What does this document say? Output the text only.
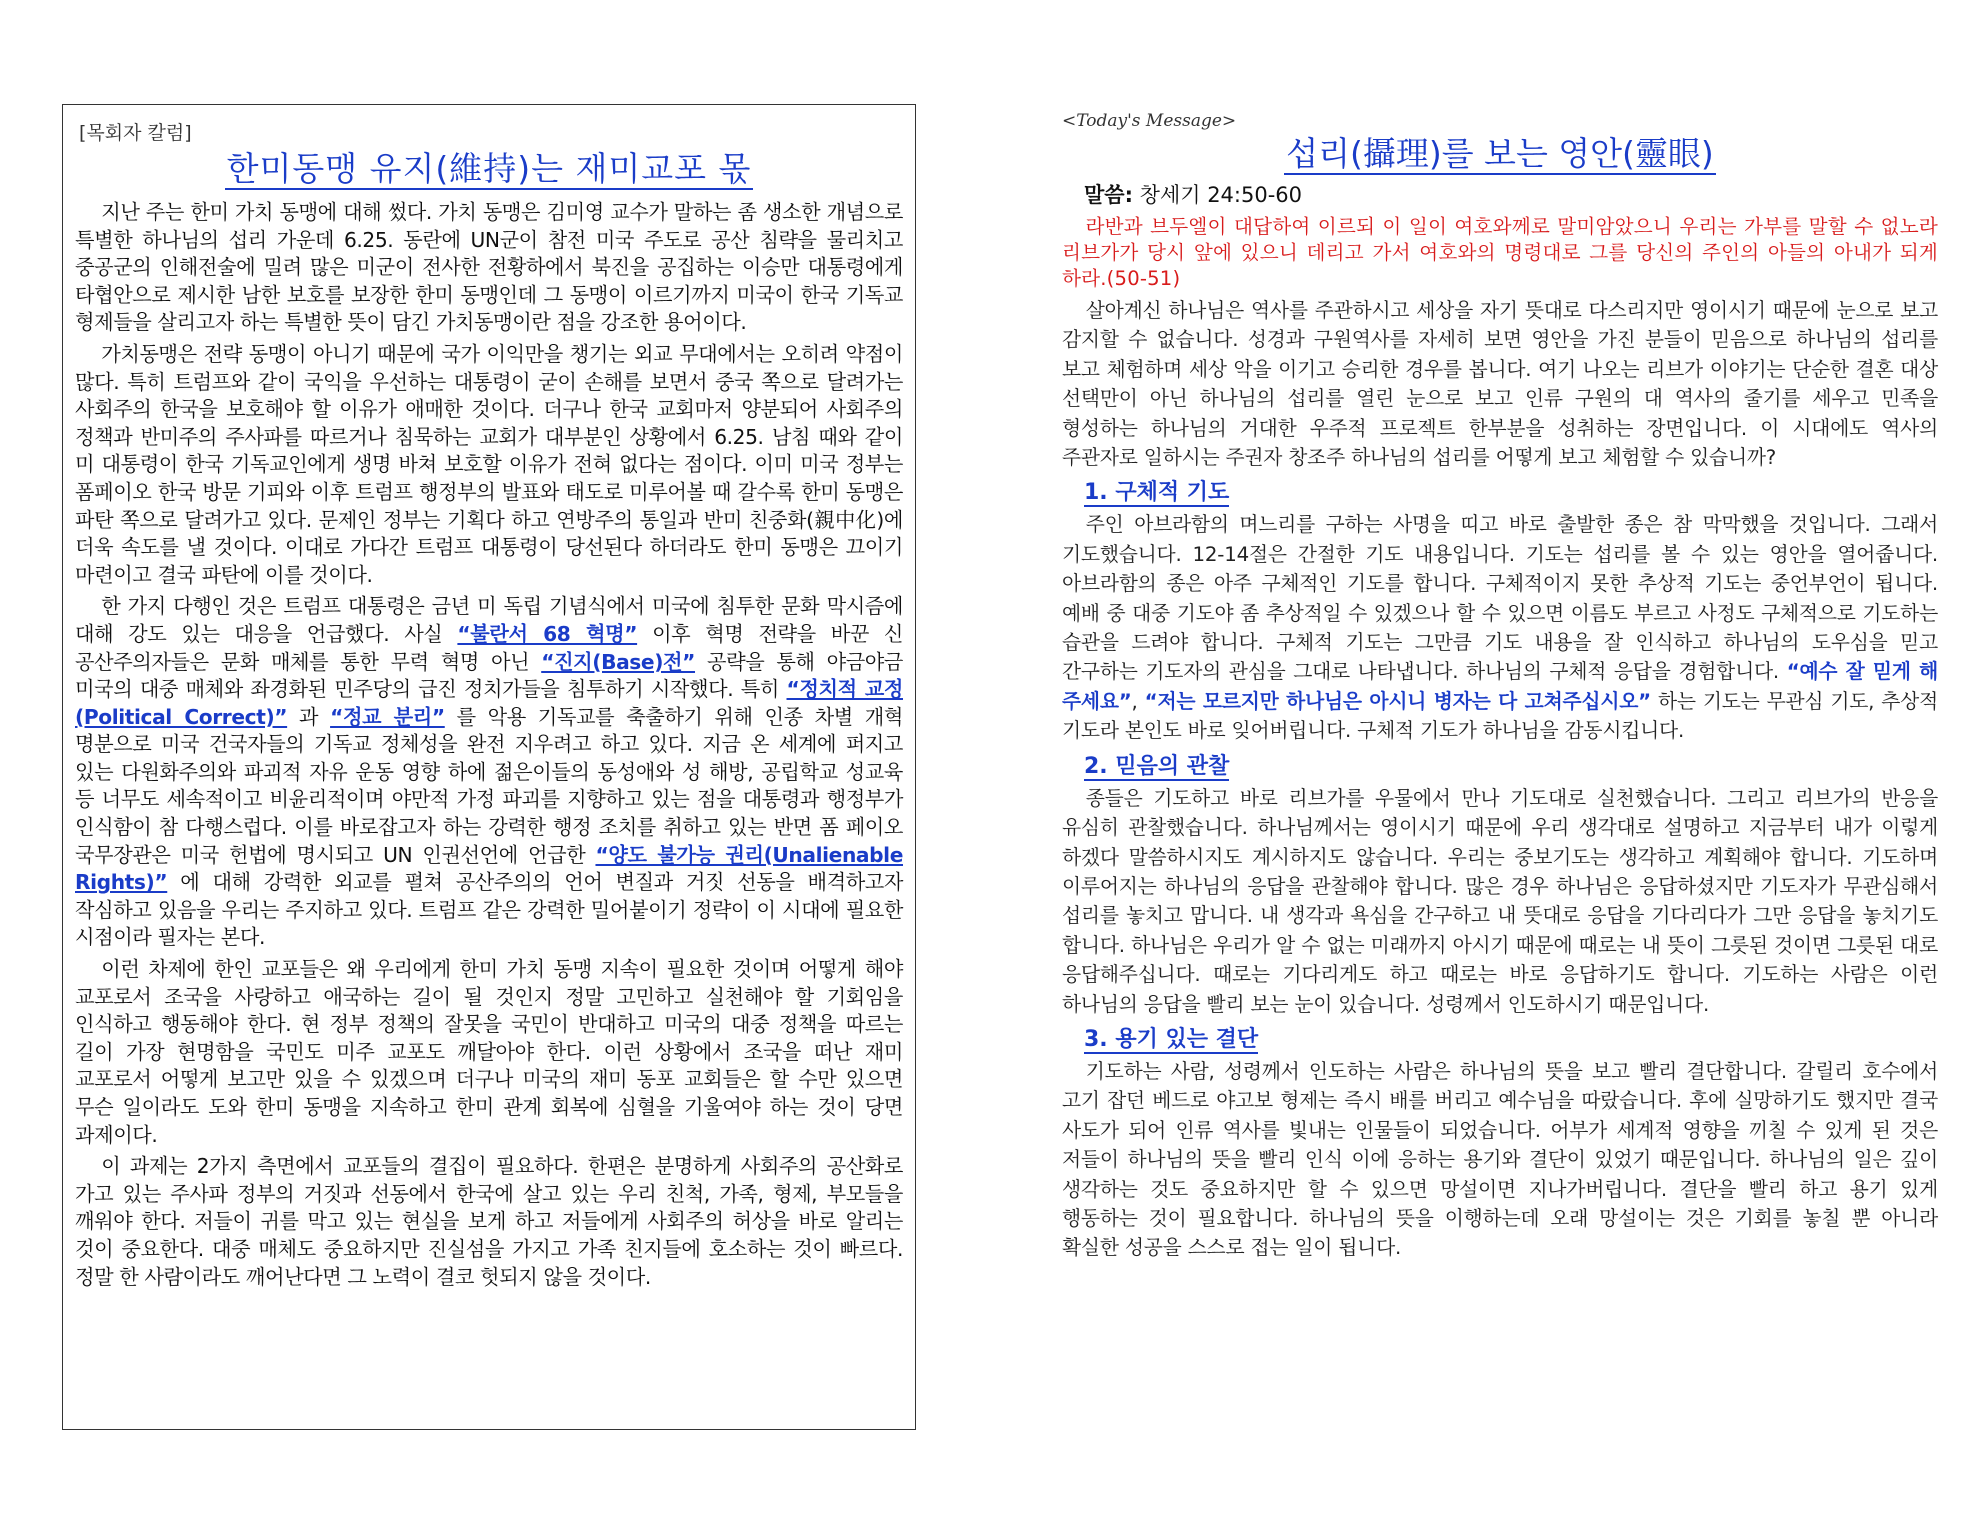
[목회자 칼럼]
한미동맹 유지(維持)는 재미교포 몫

지난 주는 한미 가치 동맹에 대해 썼다. 가치 동맹은 김미영 교수가 말하는 좀 생소한 개념으로 특별한 하나님의 섭리 가운데 6.25. 동란에 UN군이 참전 미국 주도로 공산 침략을 물리치고 중공군의 인해전술에 밀려 많은 미군이 전사한 전황하에서 북진을 공집하는 이승만 대통령에게 타협안으로 제시한 남한 보호를 보장한 한미 동맹인데 그 동맹이 이르기까지 미국이 한국 기독교 형제들을 살리고자 하는 특별한 뜻이 담긴 가치동맹이란 점을 강조한 용어이다.

가치동맹은 전략 동맹이 아니기 때문에 국가 이익만을 챙기는 외교 무대에서는 오히려 약점이 많다. 특히 트럼프와 같이 국익을 우선하는 대통령이 굳이 손해를 보면서 중국 쪽으로 달려가는 사회주의 한국을 보호해야 할 이유가 애매한 것이다. 더구나 한국 교회마저 양분되어 사회주의 정책과 반미주의 주사파를 따르거나 침묵하는 교회가 대부분인 상황에서 6.25. 남침 때와 같이 미 대통령이 한국 기독교인에게 생명 바쳐 보호할 이유가 전혀 없다는 점이다. 이미 미국 정부는 폼페이오 한국 방문 기피와 이후 트럼프 행정부의 발표와 태도로 미루어볼 때 갈수록 한미 동맹은 파탄 쪽으로 달려가고 있다. 문제인 정부는 기획다 하고 연방주의 통일과 반미 친중화(親中化)에 더욱 속도를 낼 것이다. 이대로 가다간 트럼프 대통령이 당선된다 하더라도 한미 동맹은 끄이기 마련이고 결국 파탄에 이를 것이다.

한 가지 다행인 것은 트럼프 대통령은 금년 미 독립 기념식에서 미국에 침투한 문화 막시즘에 대해 강도 있는 대응을 언급했다. 사실 “불란서 68 혁명” 이후 혁명 전략을 바꾼 신 공산주의자들은 문화 매체를 통한 무력 혁명 아닌 “진지(Base)전” 공략을 통해 야금야금 미국의 대중 매체와 좌경화된 민주당의 급진 정치가들을 침투하기 시작했다. 특히 “정치적 교정(Political Correct)” 과 “정교 분리” 를 악용 기독교를 축출하기 위해 인종 차별 개혁 명분으로 미국 건국자들의 기독교 정체성을 완전 지우려고 하고 있다. 지금 온 세계에 퍼지고 있는 다원화주의와 파괴적 자유 운동 영향 하에 젊은이들의 동성애와 성 해방, 공립학교 성교육 등 너무도 세속적이고 비윤리적이며 야만적 가정 파괴를 지향하고 있는 점을 대통령과 행정부가 인식함이 참 다행스럽다. 이를 바로잡고자 하는 강력한 행정 조치를 취하고 있는 반면 폼 페이오 국무장관은 미국 헌법에 명시되고 UN 인권선언에 언급한 “양도 불가능 권리(Unalienable Rights)” 에 대해 강력한 외교를 펼쳐 공산주의의 언어 변질과 거짓 선동을 배격하고자 작심하고 있음을 우리는 주지하고 있다. 트럼프 같은 강력한 밀어붙이기 정략이 이 시대에 필요한 시점이라 필자는 본다.

이런 차제에 한인 교포들은 왜 우리에게 한미 가치 동맹 지속이 필요한 것이며 어떻게 해야 교포로서 조국을 사랑하고 애국하는 길이 될 것인지 정말 고민하고 실천해야 할 기회임을 인식하고 행동해야 한다. 현 정부 정책의 잘못을 국민이 반대하고 미국의 대중 정책을 따르는 길이 가장 현명함을 국민도 미주 교포도 깨달아야 한다. 이런 상황에서 조국을 떠난 재미 교포로서 어떻게 보고만 있을 수 있겠으며 더구나 미국의 재미 동포 교회들은 할 수만 있으면 무슨 일이라도 도와 한미 동맹을 지속하고 한미 관계 회복에 심혈을 기울여야 하는 것이 당면 과제이다.

이 과제는 2가지 측면에서 교포들의 결집이 필요하다. 한편은 분명하게 사회주의 공산화로 가고 있는 주사파 정부의 거짓과 선동에서 한국에 살고 있는 우리 친척, 가족, 형제, 부모들을 깨워야 한다. 저들이 귀를 막고 있는 현실을 보게 하고 저들에게 사회주의 허상을 바로 알리는 것이 중요한다. 대중 매체도 중요하지만 진실섬을 가지고 가족 친지들에 호소하는 것이 빠르다. 정말 한 사람이라도 깨어난다면 그 노력이 결코 헛되지 않을 것이다.

<Today's Message>
섭리(攝理)를 보는 영안(靈眼)
말씀: 창세기 24:50-60

라반과 브두엘이 대답하여 이르되 이 일이 여호와께로 말미암았으니 우리는 가부를 말할 수 없노라 리브가가 당시 앞에 있으니 데리고 가서 여호와의 명령대로 그를 당신의 주인의 아들의 아내가 되게 하라.(50-51)

살아계신 하나님은 역사를 주관하시고 세상을 자기 뜻대로 다스리지만 영이시기 때문에 눈으로 보고 감지할 수 없습니다. 성경과 구원역사를 자세히 보면 영안을 가진 분들이 믿음으로 하나님의 섭리를 보고 체험하며 세상 악을 이기고 승리한 경우를 봅니다. 여기 나오는 리브가 이야기는 단순한 결혼 대상 선택만이 아닌 하나님의 섭리를 열린 눈으로 보고 인류 구원의 대 역사의 줄기를 세우고 민족을 형성하는 하나님의 거대한 우주적 프로젝트 한부분을 성취하는 장면입니다. 이 시대에도 역사의 주관자로 일하시는 주권자 창조주 하나님의 섭리를 어떻게 보고 체험할 수 있습니까?

1. 구체적 기도

주인 아브라함의 며느리를 구하는 사명을 띠고 바로 출발한 종은 참 막막했을 것입니다. 그래서 기도했습니다. 12-14절은 간절한 기도 내용입니다. 기도는 섭리를 볼 수 있는 영안을 열어줍니다. 아브라함의 종은 아주 구체적인 기도를 합니다. 구체적이지 못한 추상적 기도는 중언부언이 됩니다. 예배 중 대중 기도야 좀 추상적일 수 있겠으나 할 수 있으면 이름도 부르고 사정도 구체적으로 기도하는 습관을 드려야 합니다. 구체적 기도는 그만큼 기도 내용을 잘 인식하고 하나님의 도우심을 믿고 간구하는 기도자의 관심을 그대로 나타냅니다. 하나님의 구체적 응답을 경험합니다. “예수 잘 믿게 해 주세요”, “저는 모르지만 하나님은 아시니 병자는 다 고쳐주십시오” 하는 기도는 무관심 기도, 추상적 기도라 본인도 바로 잊어버립니다. 구체적 기도가 하나님을 감동시킵니다.

2. 믿음의 관찰

종들은 기도하고 바로 리브가를 우물에서 만나 기도대로 실천했습니다. 그리고 리브가의 반응을 유심히 관찰했습니다. 하나님께서는 영이시기 때문에 우리 생각대로 설명하고 지금부터 내가 이렇게 하겠다 말씀하시지도 계시하지도 않습니다. 우리는 중보기도는 생각하고 계획해야 합니다. 기도하며 이루어지는 하나님의 응답을 관찰해야 합니다. 많은 경우 하나님은 응답하셨지만 기도자가 무관심해서 섭리를 놓치고 맙니다. 내 생각과 욕심을 간구하고 내 뜻대로 응답을 기다리다가 그만 응답을 놓치기도 합니다. 하나님은 우리가 알 수 없는 미래까지 아시기 때문에 때로는 내 뜻이 그릇된 것이면 그릇된 대로 응답해주십니다. 때로는 기다리게도 하고 때로는 바로 응답하기도 합니다. 기도하는 사람은 이런 하나님의 응답을 빨리 보는 눈이 있습니다. 성령께서 인도하시기 때문입니다.

3. 용기 있는 결단

기도하는 사람, 성령께서 인도하는 사람은 하나님의 뜻을 보고 빨리 결단합니다. 갈릴리 호수에서 고기 잡던 베드로 야고보 형제는 즉시 배를 버리고 예수님을 따랐습니다. 후에 실망하기도 했지만 결국 사도가 되어 인류 역사를 빛내는 인물들이 되었습니다. 어부가 세계적 영향을 끼칠 수 있게 된 것은 저들이 하나님의 뜻을 빨리 인식 이에 응하는 용기와 결단이 있었기 때문입니다. 하나님의 일은 깊이 생각하는 것도 중요하지만 할 수 있으면 망설이면 지나가버립니다. 결단을 빨리 하고 용기 있게 행동하는 것이 필요합니다. 하나님의 뜻을 이행하는데 오래 망설이는 것은 기회를 놓칠 뿐 아니라 확실한 성공을 스스로 접는 일이 됩니다.
